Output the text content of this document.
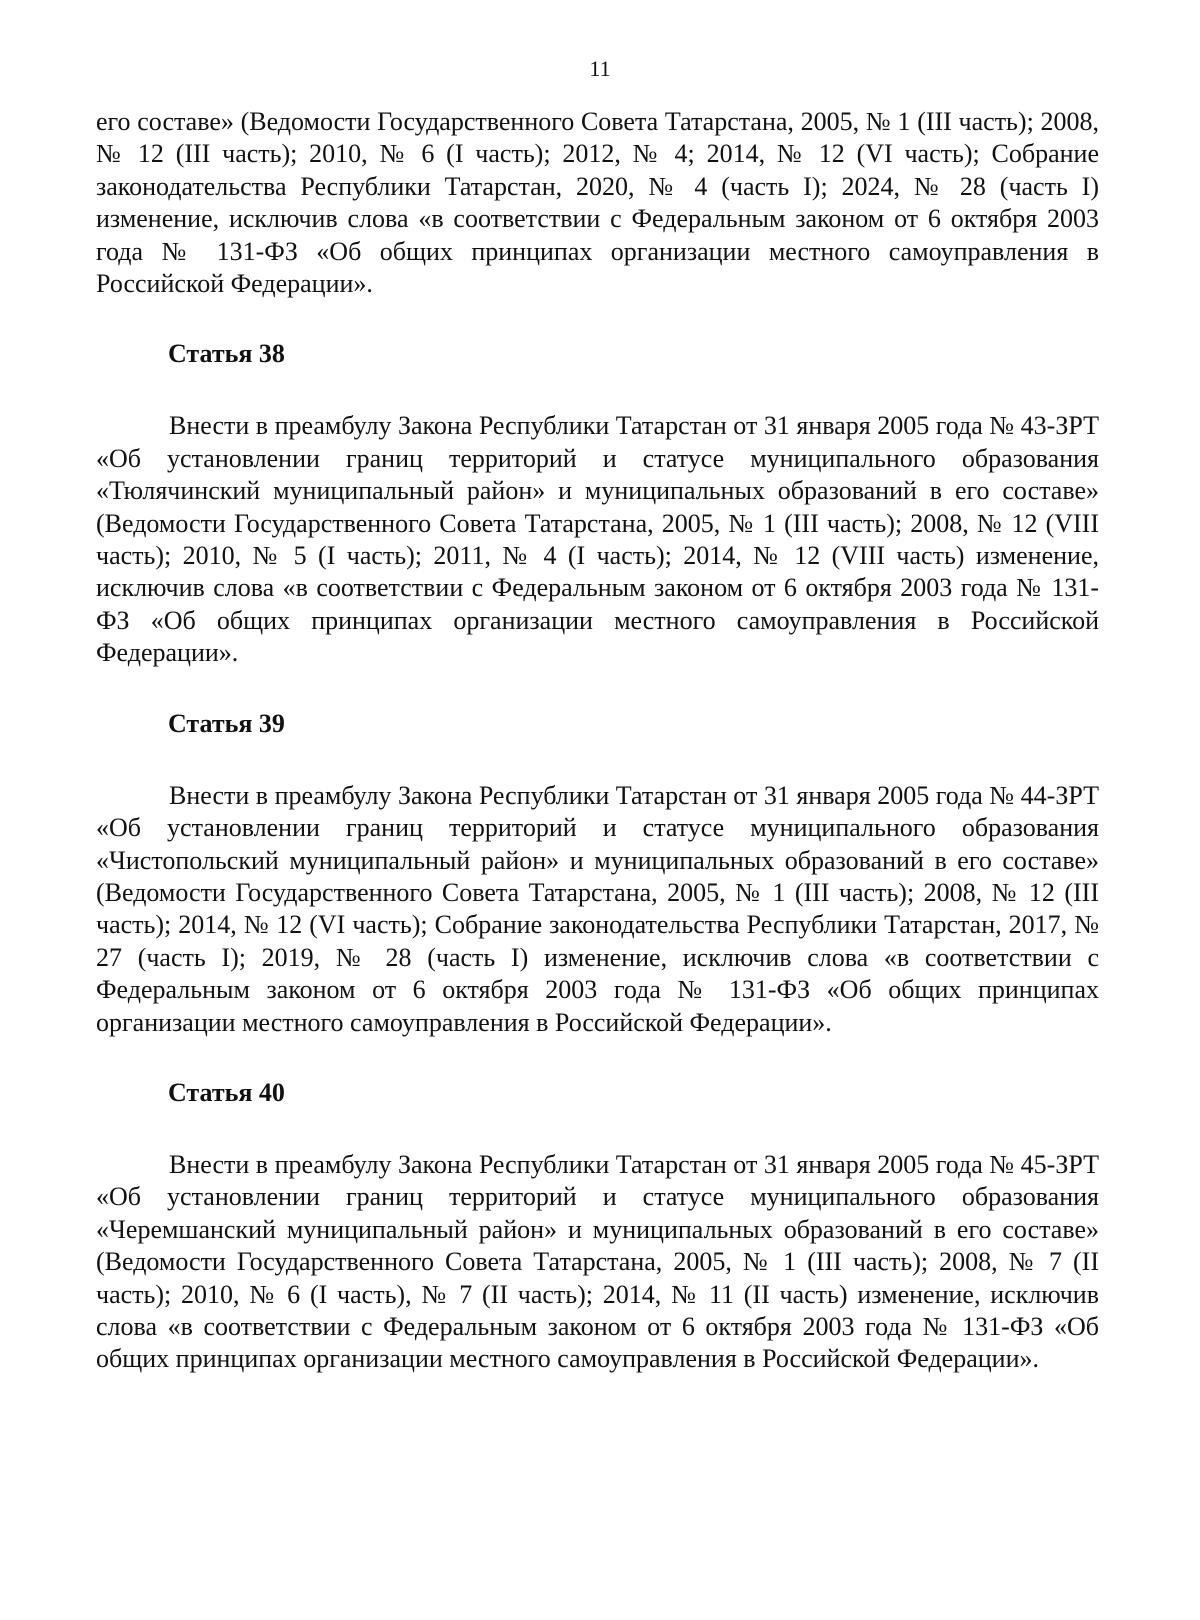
11

его составе» (Ведомости Государственного Совета Татарстана, 2005, № 1 (III часть); 2008, № 12 (III часть); 2010, № 6 (I часть); 2012, № 4; 2014, № 12 (VI часть); Собрание законодательства Республики Татарстан, 2020, № 4 (часть I); 2024, № 28 (часть I) изменение, исключив слова «в соответствии с Федеральным законом от 6 октября 2003 года № 131-ФЗ «Об общих принципах организации местного самоуправления в Российской Федерации».

Статья 38

Внести в преамбулу Закона Республики Татарстан от 31 января 2005 года № 43-ЗРТ «Об установлении границ территорий и статусе муниципального образования «Тюлячинский муниципальный район» и муниципальных образований в его составе» (Ведомости Государственного Совета Татарстана, 2005, № 1 (III часть); 2008, № 12 (VIII часть); 2010, № 5 (I часть); 2011, № 4 (I часть); 2014, № 12 (VIII часть) изменение, исключив слова «в соответствии с Федеральным законом от 6 октября 2003 года № 131-ФЗ «Об общих принципах организации местного самоуправления в Российской Федерации».

Статья 39

Внести в преамбулу Закона Республики Татарстан от 31 января 2005 года № 44-ЗРТ «Об установлении границ территорий и статусе муниципального образования «Чистопольский муниципальный район» и муниципальных образований в его составе» (Ведомости Государственного Совета Татарстана, 2005, № 1 (III часть); 2008, № 12 (III часть); 2014, № 12 (VI часть); Собрание законодательства Республики Татарстан, 2017, № 27 (часть I); 2019, № 28 (часть I) изменение, исключив слова «в соответствии с Федеральным законом от 6 октября 2003 года № 131-ФЗ «Об общих принципах организации местного самоуправления в Российской Федерации».

Статья 40

Внести в преамбулу Закона Республики Татарстан от 31 января 2005 года № 45-ЗРТ «Об установлении границ территорий и статусе муниципального образования «Черемшанский муниципальный район» и муниципальных образований в его составе» (Ведомости Государственного Совета Татарстана, 2005, № 1 (III часть); 2008, № 7 (II часть); 2010, № 6 (I часть), № 7 (II часть); 2014, № 11 (II часть) изменение, исключив слова «в соответствии с Федеральным законом от 6 октября 2003 года № 131-ФЗ «Об общих принципах организации местного самоуправления в Российской Федерации».
